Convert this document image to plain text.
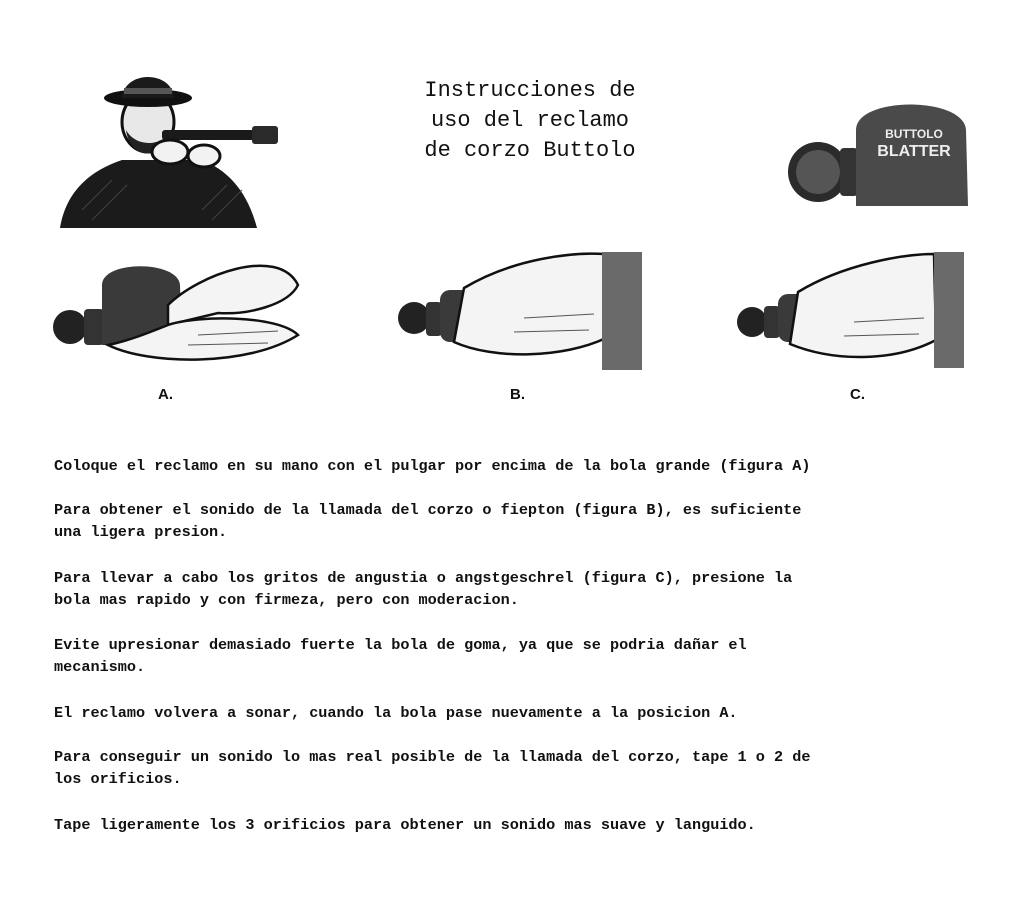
Instrucciones de
uso del reclamo
de corzo Buttolo
BUTTOLO
BLATTER
A.	B.	C.
Coloque el reclamo en su mano con el pulgar por encima de la bola grande (figura A)
Para obtener el sonido de la llamada del corzo o fiepton (figura B), es suficiente
una ligera presion.
Para llevar a cabo los gritos de angustia o angstgeschrel (figura C), presione la
bola mas rapido y con firmeza, pero con moderacion.
Evite upresionar demasiado fuerte la bola de goma, ya que se podria dañar el
mecanismo.
El reclamo volvera a sonar, cuando la bola pase nuevamente a la posicion A.
Para conseguir un sonido lo mas real posible de la llamada del corzo, tape 1 o 2 de
los orificios.
Tape ligeramente los 3 orificios para obtener un sonido mas suave y languido.
